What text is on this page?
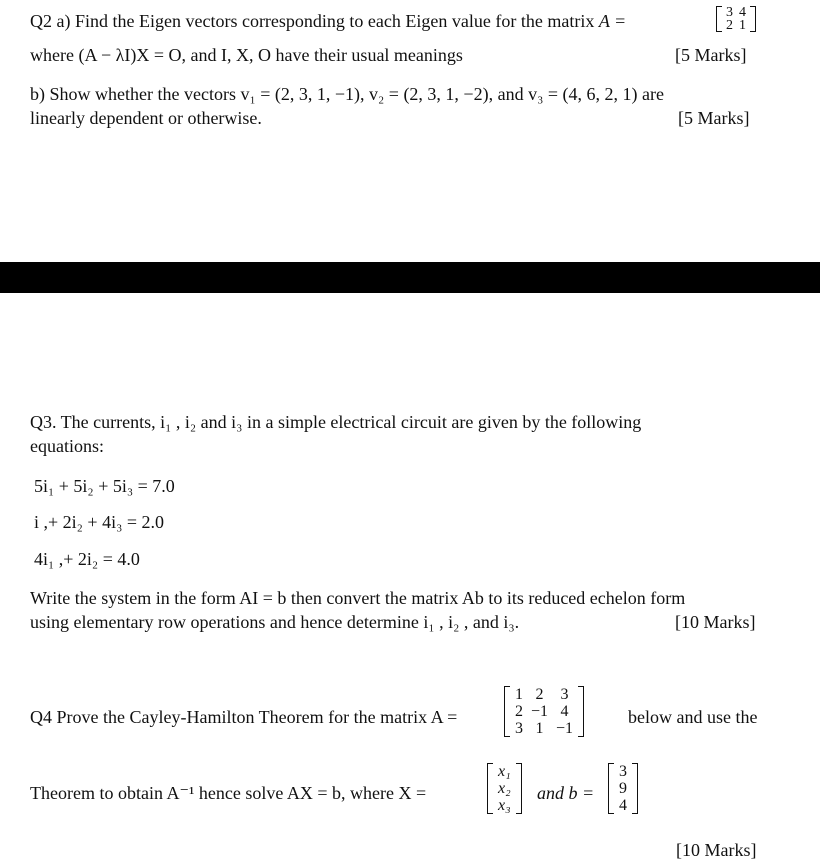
Q2 a) Find the Eigen vectors corresponding to each Eigen value for the matrix A =	3	4
2	1
where (A − λI)X = O, and I, X, O have their usual meanings	[5 Marks]
b) Show whether the vectors v₁ = (2, 3, 1, −1), v₂ = (2, 3, 1, −2), and v₃ = (4, 6, 2, 1) are
linearly dependent or otherwise.	[5 Marks]
Q3. The currents, i₁ , i₂ and i₃ in a simple electrical circuit are given by the following
equations:
5i₁ + 5i₂ + 5i₃ = 7.0
i ,+ 2i₂ + 4i₃ = 2.0
4i₁ ,+ 2i₂ = 4.0
Write the system in the form AI = b then convert the matrix Ab to its reduced echelon form
using elementary row operations and hence determine i₁ , i₂ , and i₃.	[10 Marks]
Q4 Prove the Cayley-Hamilton Theorem for the matrix A =
1	2	3
2	−1	4
3	1	−1
below and use the
Theorem to obtain A⁻¹ hence solve AX = b, where X =
x₁
x₂
x₃
and b =
3
9
4
[10 Marks]
